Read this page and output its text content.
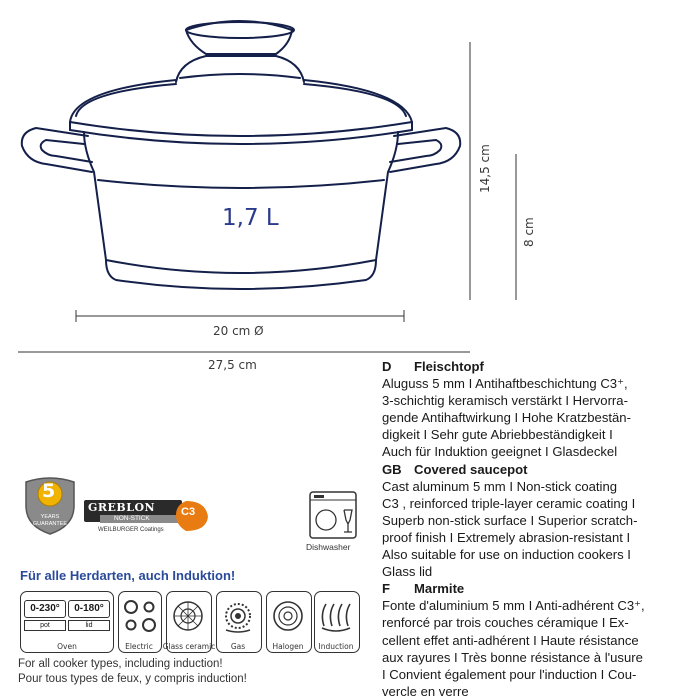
1,7 L
20 cm Ø
27,5 cm
14,5 cm
8 cm

D Fleischtopf

Aluguss 5 mm I Antihaftbeschichtung C3⁺,

3-schichtig keramisch verstärkt I Hervorra-

gende Antihaftwirkung I Hohe Kratzbestän-

digkeit I Sehr gute Abriebbeständigkeit I

Auch für Induktion geeignet I Glasdeckel

GB Covered saucepot

Cast aluminum 5 mm I Non-stick coating

C3 , reinforced triple-layer ceramic coating I

Superb non-stick surface I Superior scratch-

proof finish I Extremely abrasion-resistant I

Also suitable for use on induction cookers I

Glass lid

F Marmite

Fonte d'aluminium 5 mm I Anti-adhérent C3⁺,

renforcé par trois couches céramique I Ex-

cellent effet anti-adhérent I Haute résistance

aux rayures I Très bonne résistance à l'usure

I Convient également pour l'induction I Cou-

vercle en verre

5
YEARS
GUARANTEE
GREBLON
NON-STICK
C3
WEILBURGER Coatings
Dishwasher
Für alle Herdarten, auch Induktion!
0-230°
pot
0-180°
lid
Oven	Electric	Glass ceramic	Gas	Halogen	Induction
For all cooker types, including induction!
Pour tous types de feux, y compris induction!
